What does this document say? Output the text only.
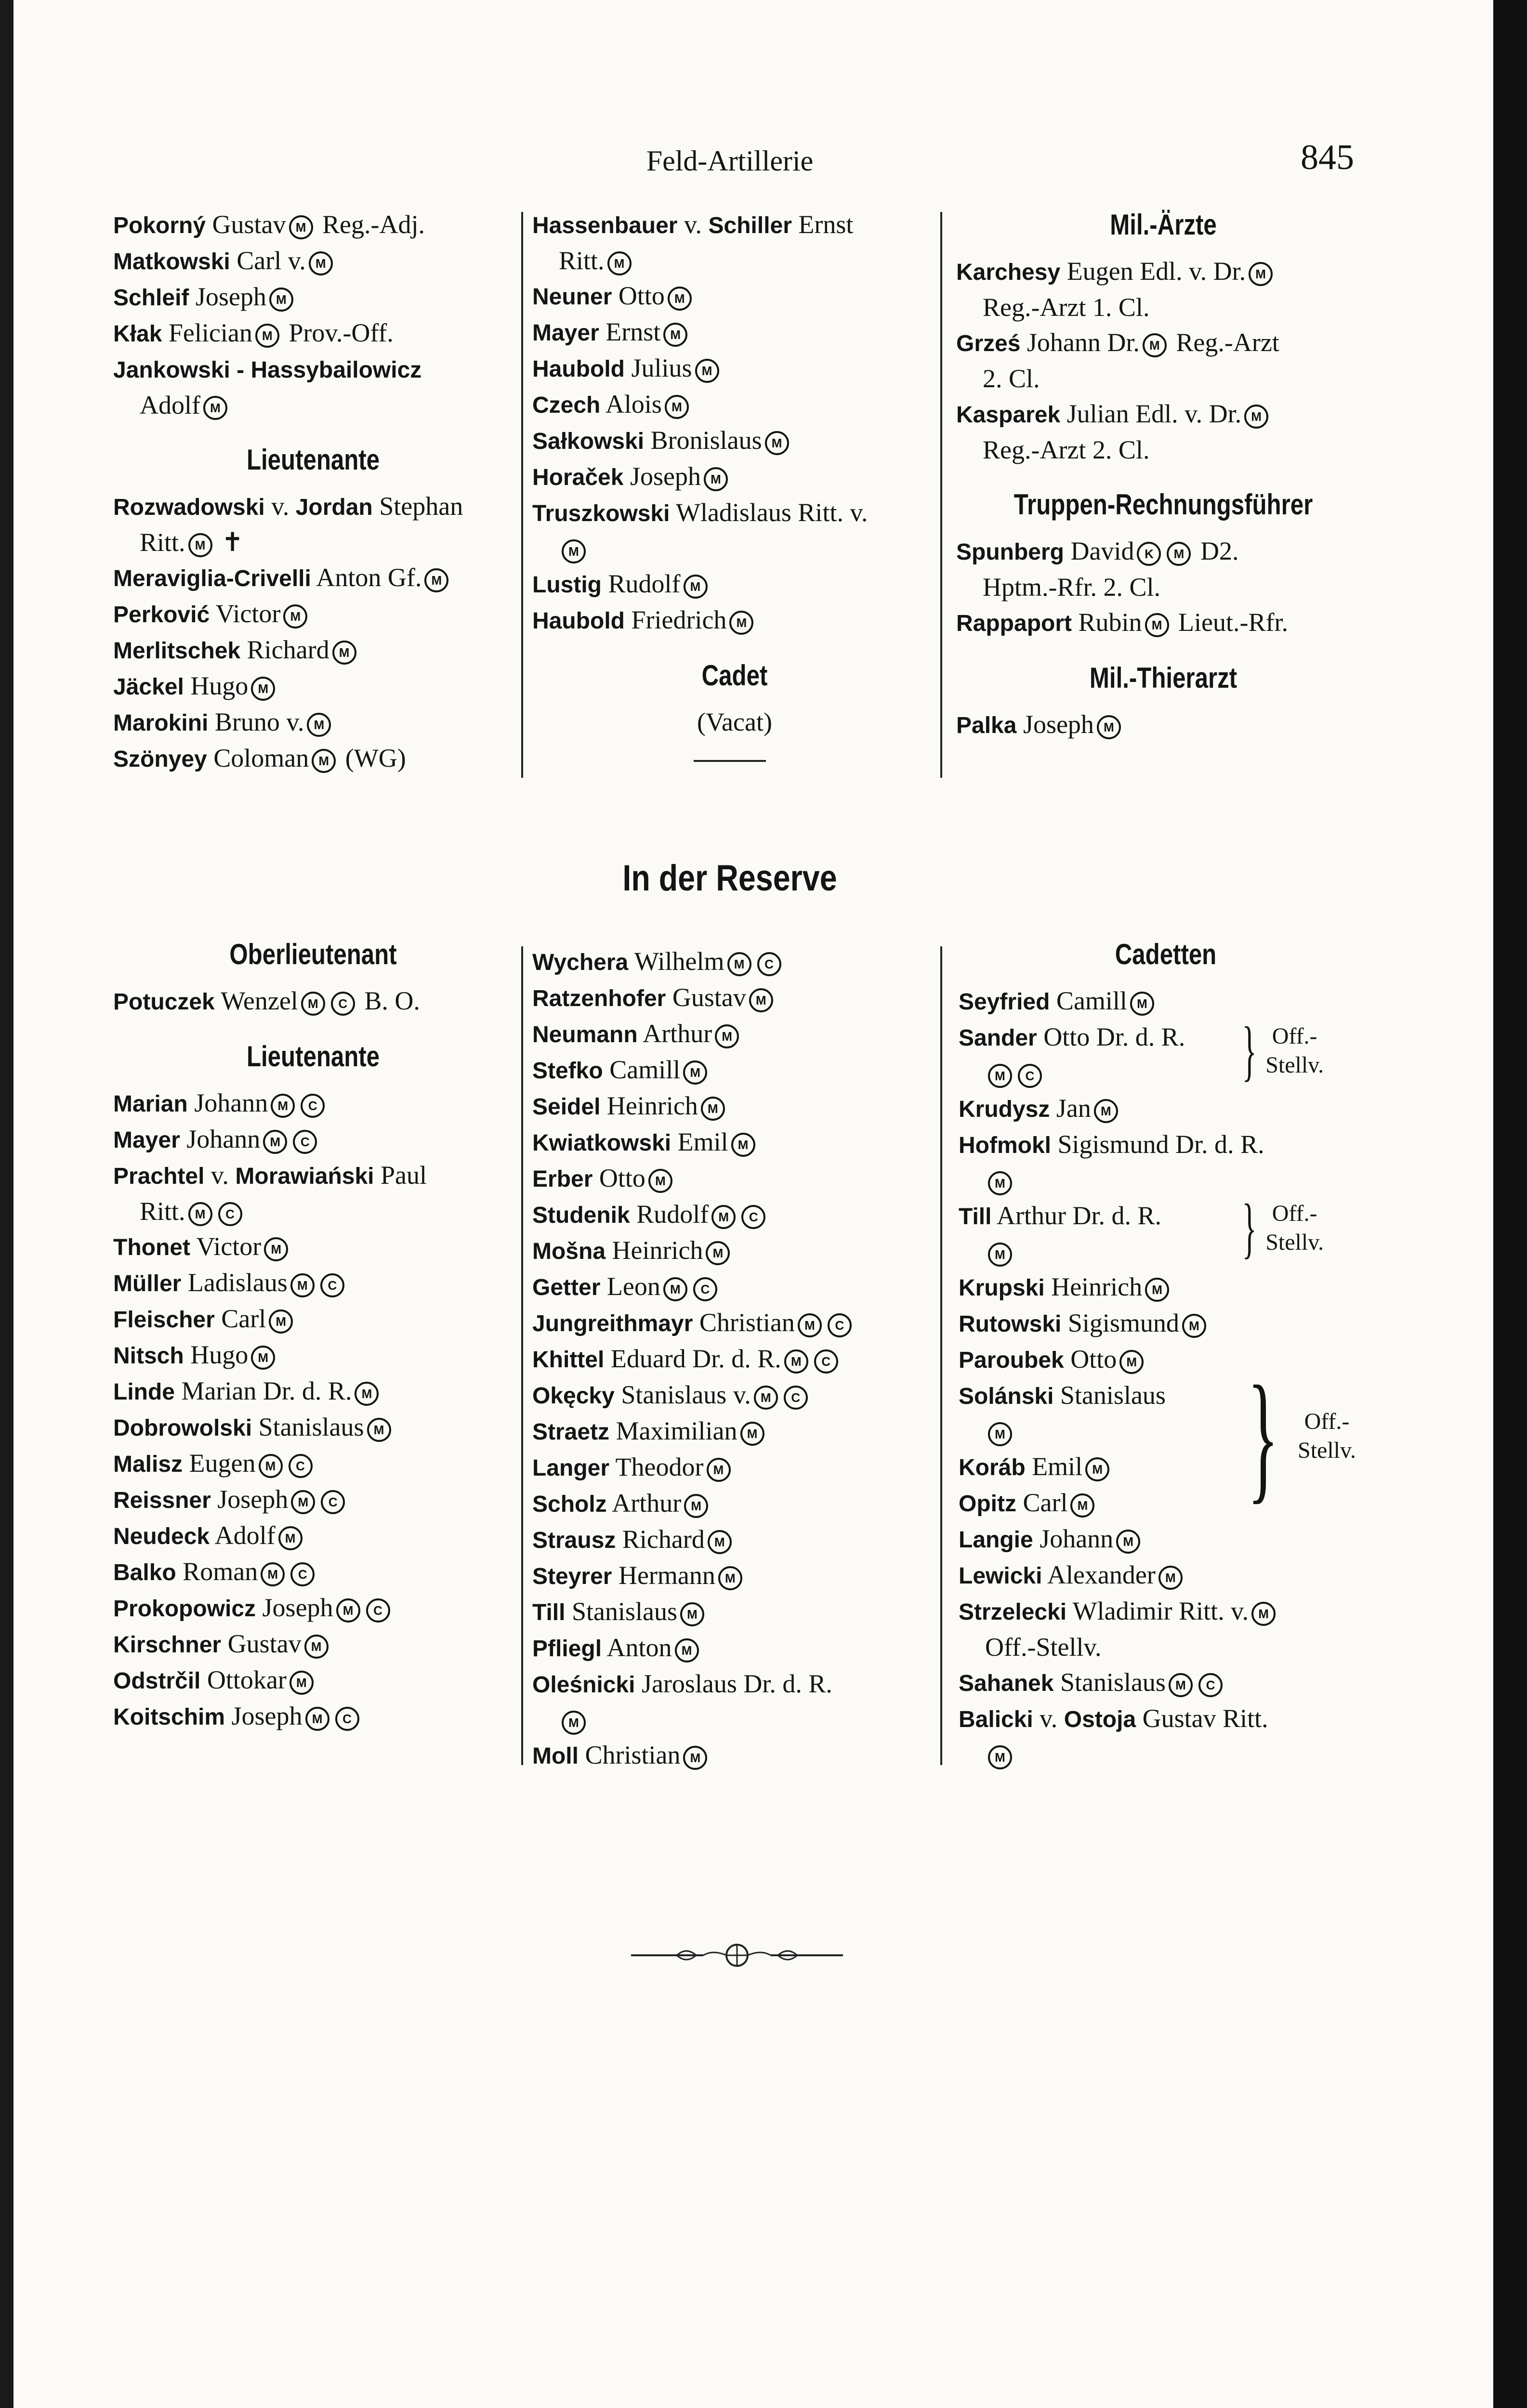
Feld-Artillerie	845
Pokorný Gustav M Reg.-Adj.
Matkowski Carl v. M
Schleif Joseph M
Kłak Felician M Prov.-Off.
Jankowski - Hassybailowicz
Adolf M
Lieutenante
Rozwadowski v. Jordan Stephan
Ritt. M ✝
Meraviglia-Crivelli Anton Gf. M
Perković Victor M
Merlitschek Richard M
Jäckel Hugo M
Marokini Bruno v. M
Szönyey Coloman M (WG)
Hassenbauer v. Schiller Ernst
Ritt. M
Neuner Otto M
Mayer Ernst M
Haubold Julius M
Czech Alois M
Sałkowski Bronislaus M
Horaček Joseph M
Truszkowski Wladislaus Ritt. v.
M
Lustig Rudolf M
Haubold Friedrich M
Cadet
(Vacat)
Mil.-Ärzte
Karchesy Eugen Edl. v. Dr. M
Reg.-Arzt 1. Cl.
Grześ Johann Dr. M Reg.-Arzt
2. Cl.
Kasparek Julian Edl. v. Dr. M
Reg.-Arzt 2. Cl.
Truppen-Rechnungsführer
Spunberg David K M D2.
Hptm.-Rfr. 2. Cl.
Rappaport Rubin M Lieut.-Rfr.
Mil.-Thierarzt
Palka Joseph M
In der Reserve
Oberlieutenant
Potuczek Wenzel M C B. O.
Lieutenante
Marian Johann M C
Mayer Johann M C
Prachtel v. Morawiański Paul
Ritt. M C
Thonet Victor M
Müller Ladislaus M C
Fleischer Carl M
Nitsch Hugo M
Linde Marian Dr. d. R. M
Dobrowolski Stanislaus M
Malisz Eugen M C
Reissner Joseph M C
Neudeck Adolf M
Balko Roman M C
Prokopowicz Joseph M C
Kirschner Gustav M
Odstrčil Ottokar M
Koitschim Joseph M C
Wychera Wilhelm M C
Ratzenhofer Gustav M
Neumann Arthur M
Stefko Camill M
Seidel Heinrich M
Kwiatkowski Emil M
Erber Otto M
Studenik Rudolf M C
Mošna Heinrich M
Getter Leon M C
Jungreithmayr Christian M C
Khittel Eduard Dr. d. R. M C
Okęcky Stanislaus v. M C
Straetz Maximilian M
Langer Theodor M
Scholz Arthur M
Strausz Richard M
Steyrer Hermann M
Till Stanislaus M
Pfliegl Anton M
Oleśnicki Jaroslaus Dr. d. R.
M
Moll Christian M
Cadetten
} Off.-
Stellv.
} Off.-
Stellv.
} Off.-
Stellv.
Seyfried Camill M
Sander Otto Dr. d. R.
M C
Krudysz Jan M
Hofmokl Sigismund Dr. d. R.
M
Till Arthur Dr. d. R.
M
Krupski Heinrich M
Rutowski Sigismund M
Paroubek Otto M
Solánski Stanislaus
M
Koráb Emil M
Opitz Carl M
Langie Johann M
Lewicki Alexander M
Strzelecki Wladimir Ritt. v. M
Off.-Stellv.
Sahanek Stanislaus M C
Balicki v. Ostoja Gustav Ritt.
M
